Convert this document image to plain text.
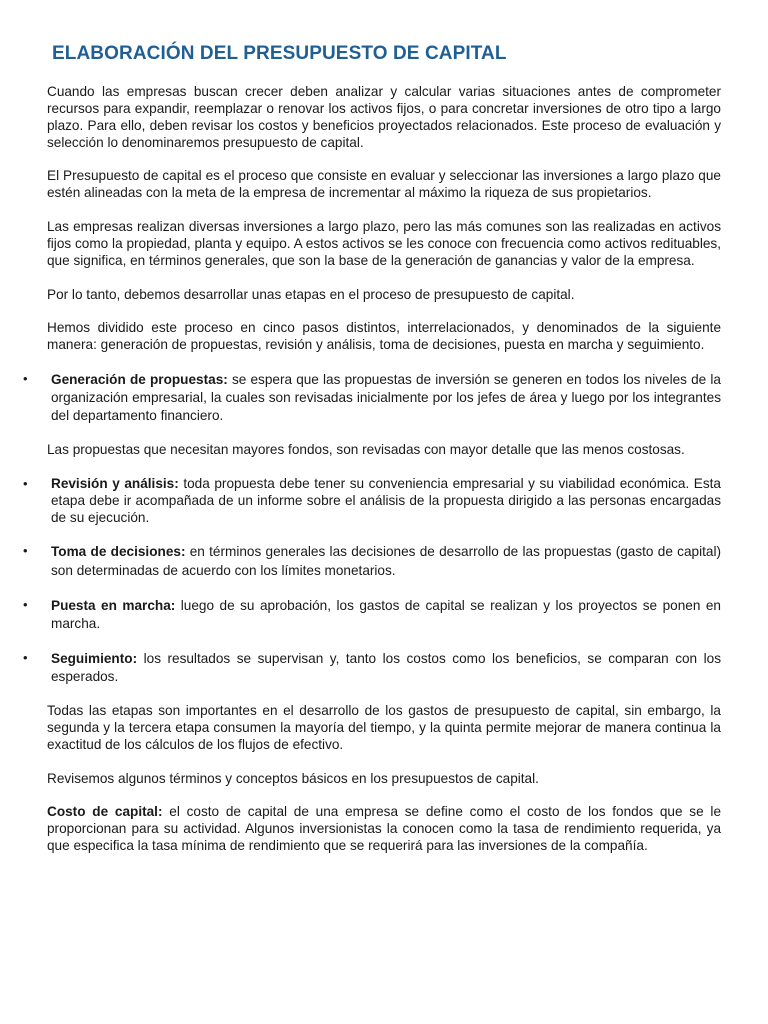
ELABORACIÓN DEL PRESUPUESTO DE CAPITAL

Cuando las empresas buscan crecer deben analizar y calcular varias situaciones antes de comprometer recursos para expandir, reemplazar o renovar los activos fijos, o para concretar inversiones de otro tipo a largo plazo. Para ello, deben revisar los costos y beneficios proyectados relacionados. Este proceso de evaluación y selección lo denominaremos presupuesto de capital.

El Presupuesto de capital es el proceso que consiste en evaluar y seleccionar las inversiones a largo plazo que estén alineadas con la meta de la empresa de incrementar al máximo la riqueza de sus propietarios.

Las empresas realizan diversas inversiones a largo plazo, pero las más comunes son las realizadas en activos fijos como la propiedad, planta y equipo. A estos activos se les conoce con frecuencia como activos redituables, que significa, en términos generales, que son la base de la generación de ganancias y valor de la empresa.

Por lo tanto, debemos desarrollar unas etapas en el proceso de presupuesto de capital.

Hemos dividido este proceso en cinco pasos distintos, interrelacionados, y denominados de la siguiente manera: generación de propuestas, revisión y análisis, toma de decisiones, puesta en marcha y seguimiento.

• Generación de propuestas: se espera que las propuestas de inversión se generen en todos los niveles de la organización empresarial, la cuales son revisadas inicialmente por los jefes de área y luego por los integrantes del departamento financiero.

Las propuestas que necesitan mayores fondos, son revisadas con mayor detalle que las menos costosas.

• Revisión y análisis: toda propuesta debe tener su conveniencia empresarial y su viabilidad económica. Esta etapa debe ir acompañada de un informe sobre el análisis de la propuesta dirigido a las personas encargadas de su ejecución.

• Toma de decisiones: en términos generales las decisiones de desarrollo de las propuestas (gasto de capital) son determinadas de acuerdo con los límites monetarios.

• Puesta en marcha: luego de su aprobación, los gastos de capital se realizan y los proyectos se ponen en marcha.

• Seguimiento: los resultados se supervisan y, tanto los costos como los beneficios, se comparan con los esperados.

Todas las etapas son importantes en el desarrollo de los gastos de presupuesto de capital, sin embargo, la segunda y la tercera etapa consumen la mayoría del tiempo, y la quinta permite mejorar de manera continua la exactitud de los cálculos de los flujos de efectivo.

Revisemos algunos términos y conceptos básicos en los presupuestos de capital.

Costo de capital: el costo de capital de una empresa se define como el costo de los fondos que se le proporcionan para su actividad. Algunos inversionistas la conocen como la tasa de rendimiento requerida, ya que especifica la tasa mínima de rendimiento que se requerirá para las inversiones de la compañía.
